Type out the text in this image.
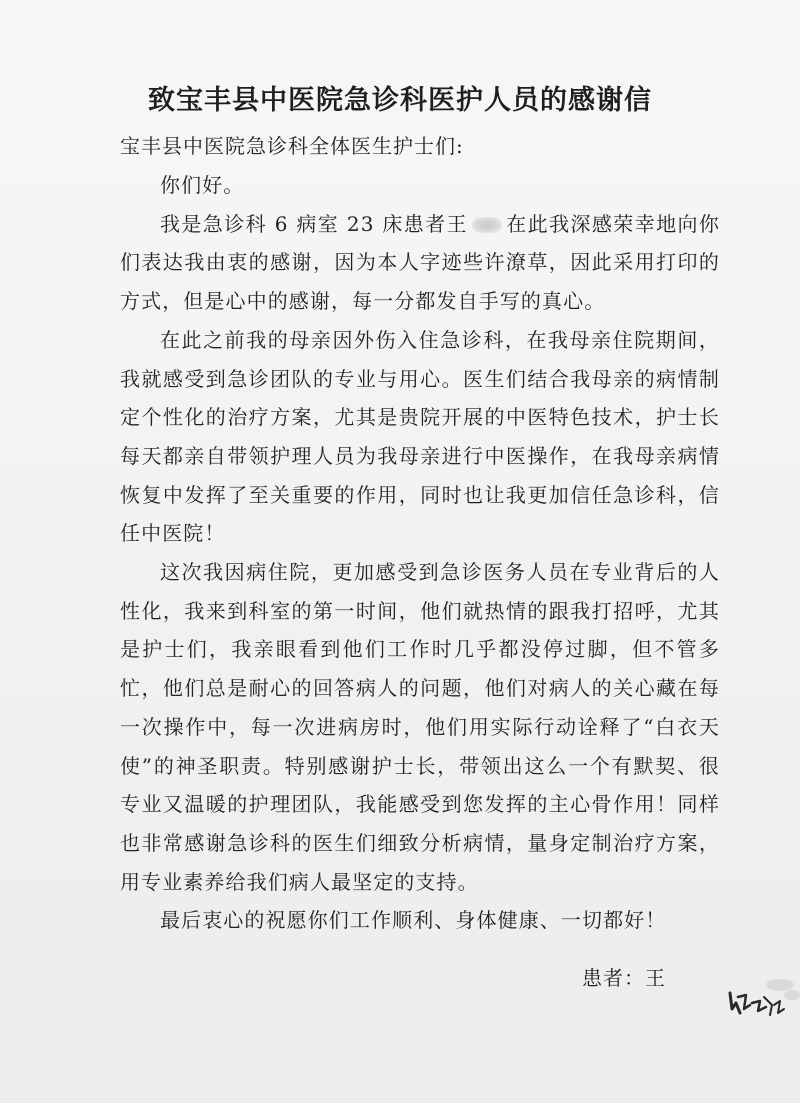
致宝丰县中医院急诊科医护人员的感谢信
宝丰县中医院急诊科全体医生护士们:

你们好。

我是急诊科 6 病室 23 床患者王 在此我深感荣幸地向你们表达我由衷的感谢，因为本人字迹些许潦草，因此采用打印的方式，但是心中的感谢，每一分都发自手写的真心。

在此之前我的母亲因外伤入住急诊科，在我母亲住院期间，我就感受到急诊团队的专业与用心。医生们结合我母亲的病情制定个性化的治疗方案，尤其是贵院开展的中医特色技术，护士长每天都亲自带领护理人员为我母亲进行中医操作，在我母亲病情恢复中发挥了至关重要的作用，同时也让我更加信任急诊科，信任中医院！

这次我因病住院，更加感受到急诊医务人员在专业背后的人性化，我来到科室的第一时间，他们就热情的跟我打招呼，尤其是护士们，我亲眼看到他们工作时几乎都没停过脚，但不管多忙，他们总是耐心的回答病人的问题，他们对病人的关心藏在每一次操作中，每一次进病房时，他们用实际行动诠释了“白衣天使”的神圣职责。特别感谢护士长，带领出这么一个有默契、很专业又温暖的护理团队，我能感受到您发挥的主心骨作用！同样也非常感谢急诊科的医生们细致分析病情，量身定制治疗方案，用专业素养给我们病人最坚定的支持。

最后衷心的祝愿你们工作顺利、身体健康、一切都好！

患者：王
